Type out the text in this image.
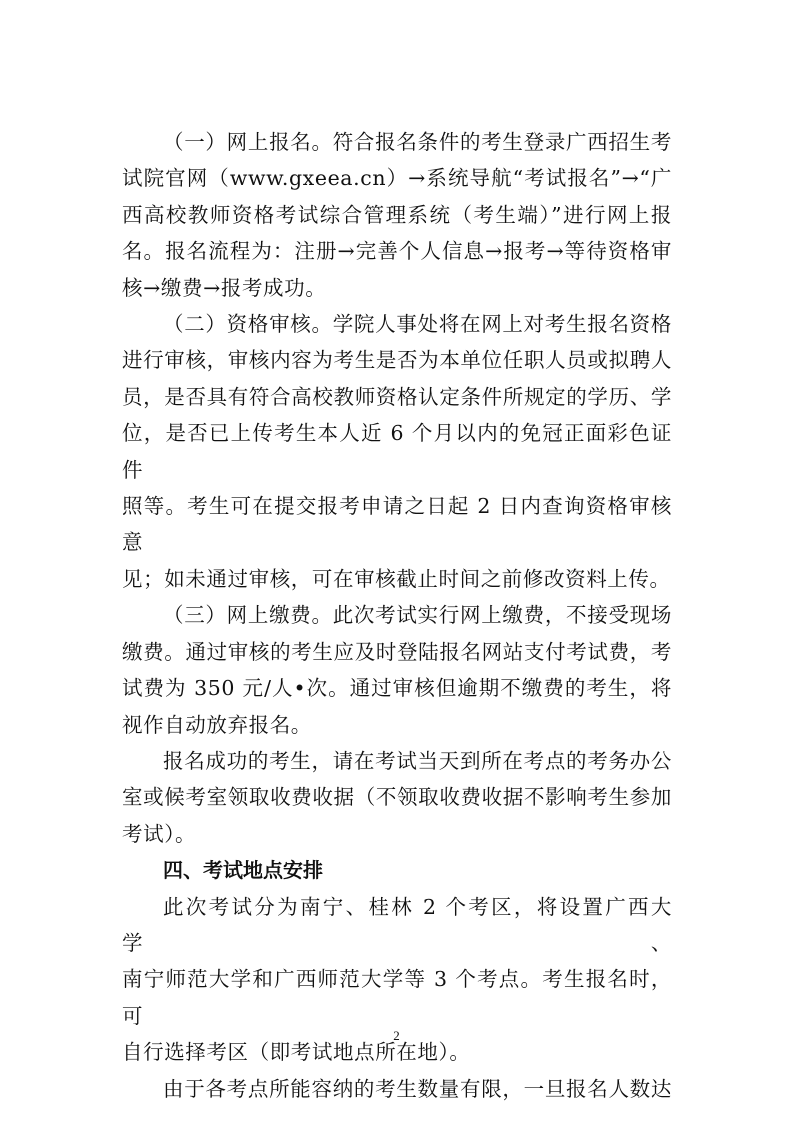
（一）网上报名。符合报名条件的考生登录广西招生考

试院官网（www.gxeea.cn）→系统导航“考试报名”→“广

西高校教师资格考试综合管理系统（考生端）”进行网上报

名。报名流程为：注册→完善个人信息→报考→等待资格审

核→缴费→报考成功。

（二）资格审核。学院人事处将在网上对考生报名资格

进行审核，审核内容为考生是否为本单位任职人员或拟聘人

员，是否具有符合高校教师资格认定条件所规定的学历、学

位，是否已上传考生本人近 6 个月以内的免冠正面彩色证件

照等。考生可在提交报考申请之日起 2 日内查询资格审核意

见；如未通过审核，可在审核截止时间之前修改资料上传。

（三）网上缴费。此次考试实行网上缴费，不接受现场

缴费。通过审核的考生应及时登陆报名网站支付考试费，考

试费为 350 元/人•次。通过审核但逾期不缴费的考生，将

视作自动放弃报名。

报名成功的考生，请在考试当天到所在考点的考务办公

室或候考室领取收费收据（不领取收费收据不影响考生参加

考试）。

四、考试地点安排

此次考试分为南宁、桂林 2 个考区，将设置广西大学、

南宁师范大学和广西师范大学等 3 个考点。考生报名时，可

自行选择考区（即考试地点所在地）。

由于各考点所能容纳的考生数量有限，一旦报名人数达

2
